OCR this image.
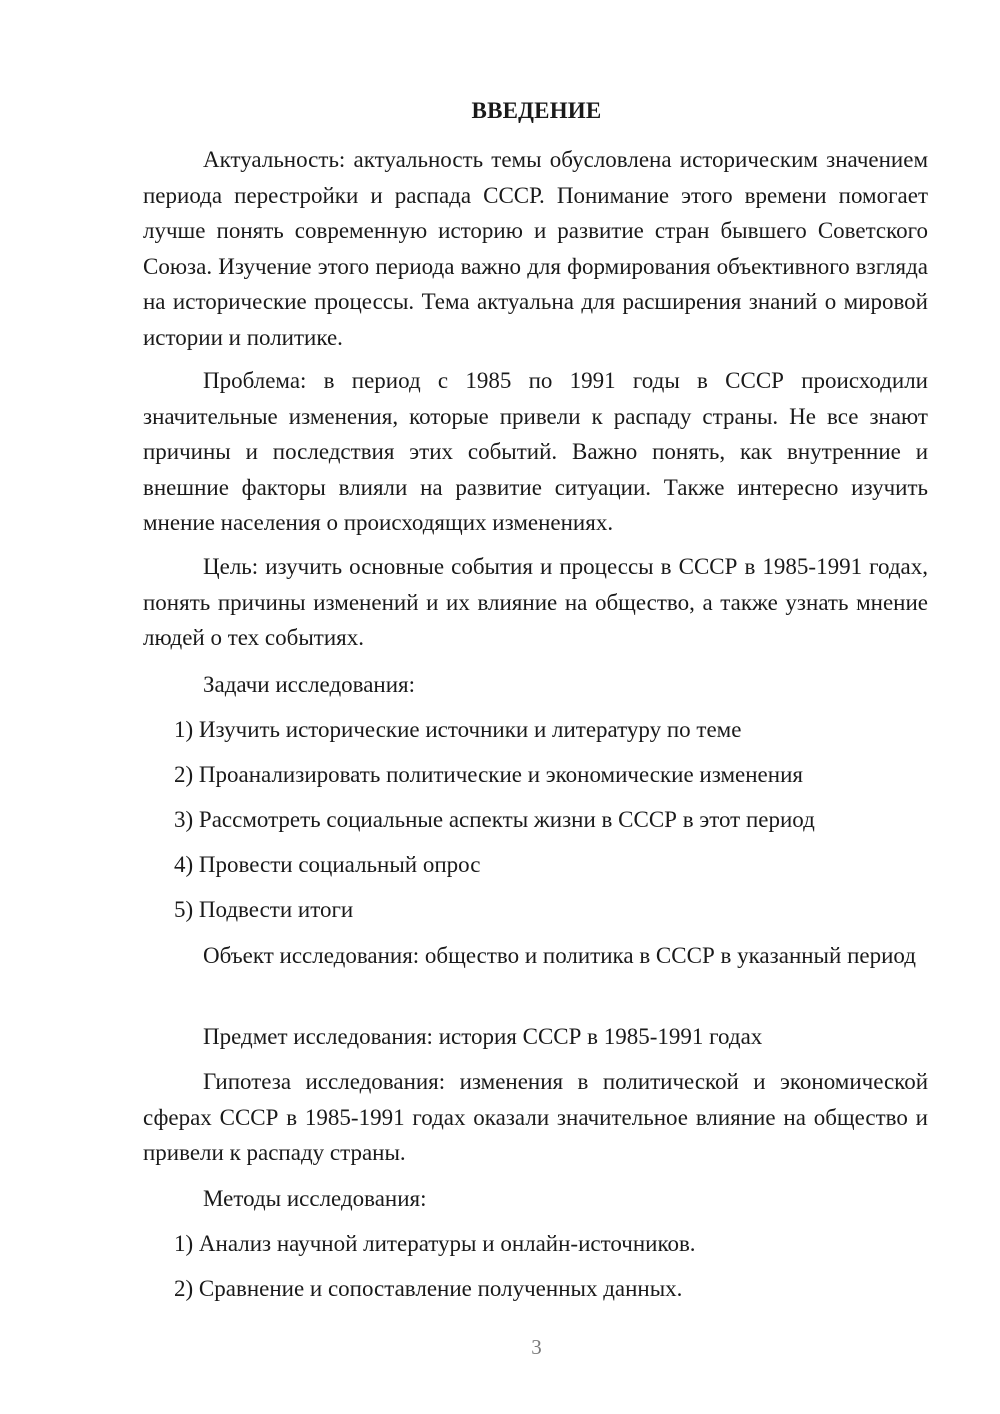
ВВЕДЕНИЕ

Актуальность: актуальность темы обусловлена историческим значением периода перестройки и распада СССР. Понимание этого времени помогает лучше понять современную историю и развитие стран бывшего Советского Союза. Изучение этого периода важно для формирования объективного взгляда на исторические процессы. Тема актуальна для расширения знаний о мировой истории и политике.

Проблема: в период с 1985 по 1991 годы в СССР происходили значительные изменения, которые привели к распаду страны. Не все знают причины и последствия этих событий. Важно понять, как внутренние и внешние факторы влияли на развитие ситуации. Также интересно изучить мнение населения о происходящих изменениях.

Цель: изучить основные события и процессы в СССР в 1985-1991 годах, понять причины изменений и их влияние на общество, а также узнать мнение людей о тех событиях.

Задачи исследования:

1) Изучить исторические источники и литературу по теме

2) Проанализировать политические и экономические изменения

3) Рассмотреть социальные аспекты жизни в СССР в этот период

4) Провести социальный опрос

5) Подвести итоги

Объект исследования: общество и политика в СССР в указанный период

Предмет исследования: история СССР в 1985-1991 годах

Гипотеза исследования: изменения в политической и экономической сферах СССР в 1985-1991 годах оказали значительное влияние на общество и привели к распаду страны.

Методы исследования:

1) Анализ научной литературы и онлайн-источников.

2) Сравнение и сопоставление полученных данных.

3
